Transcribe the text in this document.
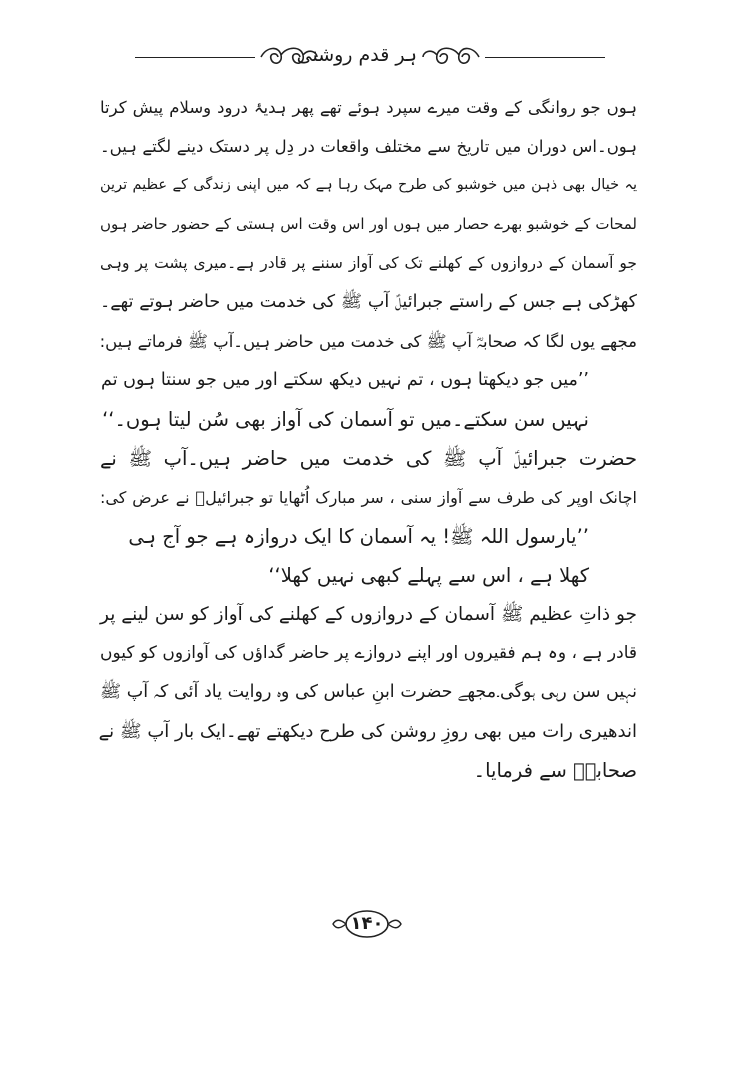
ہر قدم روشنی
ہوں جو روانگی کے وقت میرے سپرد ہوئے تھے پھر ہدیۂ درود وسلام پیش کرتا
ہوں۔اس دوران میں تاریخ سے مختلف واقعات در دِل پر دستک دینے لگتے ہیں۔
یہ خیال بھی ذہن میں خوشبو کی طرح مہک رہا ہے کہ میں اپنی زندگی کے عظیم ترین
لمحات کے خوشبو بھرے حصار میں ہوں اور اس وقت اس ہستی کے حضور حاضر ہوں
جو آسمان کے دروازوں کے کھلنے تک کی آواز سننے پر قادر ہے۔میری پشت پر وہی
کھڑکی ہے جس کے راستے جبرائیلؑ آپ ﷺ کی خدمت میں حاضر ہوتے تھے۔
مجھے یوں لگا کہ صحابہؓ آپ ﷺ کی خدمت میں حاضر ہیں۔آپ ﷺ فرماتے ہیں:
’’میں جو دیکھتا ہوں ، تم نہیں دیکھ سکتے اور میں جو سنتا ہوں تم
نہیں سن سکتے۔میں تو آسمان کی آواز بھی سُن لیتا ہوں۔‘‘
حضرت جبرائیلؑ آپ ﷺ کی خدمت میں حاضر ہیں۔آپ ﷺ نے
اچانک اوپر کی طرف سے آواز سنی ، سر مبارک اُٹھایا تو جبرائیلؑ نے عرض کی:
’’یارسول اللہ ﷺ! یہ آسمان کا ایک دروازہ ہے جو آج ہی
کھلا ہے ، اس سے پہلے کبھی نہیں کھلا‘‘
جو ذاتِ عظیم ﷺ آسمان کے دروازوں کے کھلنے کی آواز کو سن لینے پر
قادر ہے ، وہ ہم فقیروں اور اپنے دروازے پر حاضر گداؤں کی آوازوں کو کیوں
نہیں سن رہی ہوگی۔مجھے حضرت ابنِ عباس کی وہ روایت یاد آئی کہ آپ ﷺ
اندھیری رات میں بھی روزِ روشن کی طرح دیکھتے تھے۔ایک بار آپ ﷺ نے
صحابہؓ سے فرمایا۔
۱۴۰
